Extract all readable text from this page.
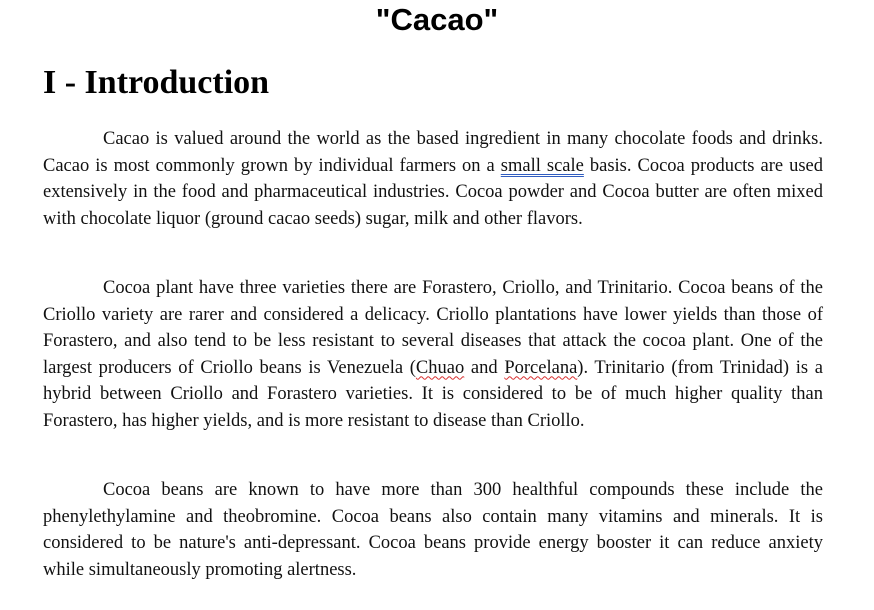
"Cacao"
I - Introduction

Cacao is valued around the world as the based ingredient in many chocolate foods and drinks. Cacao is most commonly grown by individual farmers on a small scale basis. Cocoa products are used extensively in the food and pharmaceutical industries. Cocoa powder and Cocoa butter are often mixed with chocolate liquor (ground cacao seeds) sugar, milk and other flavors.

Cocoa plant have three varieties there are Forastero, Criollo, and Trinitario. Cocoa beans of the Criollo variety are rarer and considered a delicacy. Criollo plantations have lower yields than those of Forastero, and also tend to be less resistant to several diseases that attack the cocoa plant. One of the largest producers of Criollo beans is Venezuela (Chuao and Porcelana). Trinitario (from Trinidad) is a hybrid between Criollo and Forastero varieties. It is considered to be of much higher quality than Forastero, has higher yields, and is more resistant to disease than Criollo.

Cocoa beans are known to have more than 300 healthful compounds these include the phenylethylamine and theobromine. Cocoa beans also contain many vitamins and minerals. It is considered to be nature's anti-depressant. Cocoa beans provide energy booster it can reduce anxiety while simultaneously promoting alertness.
